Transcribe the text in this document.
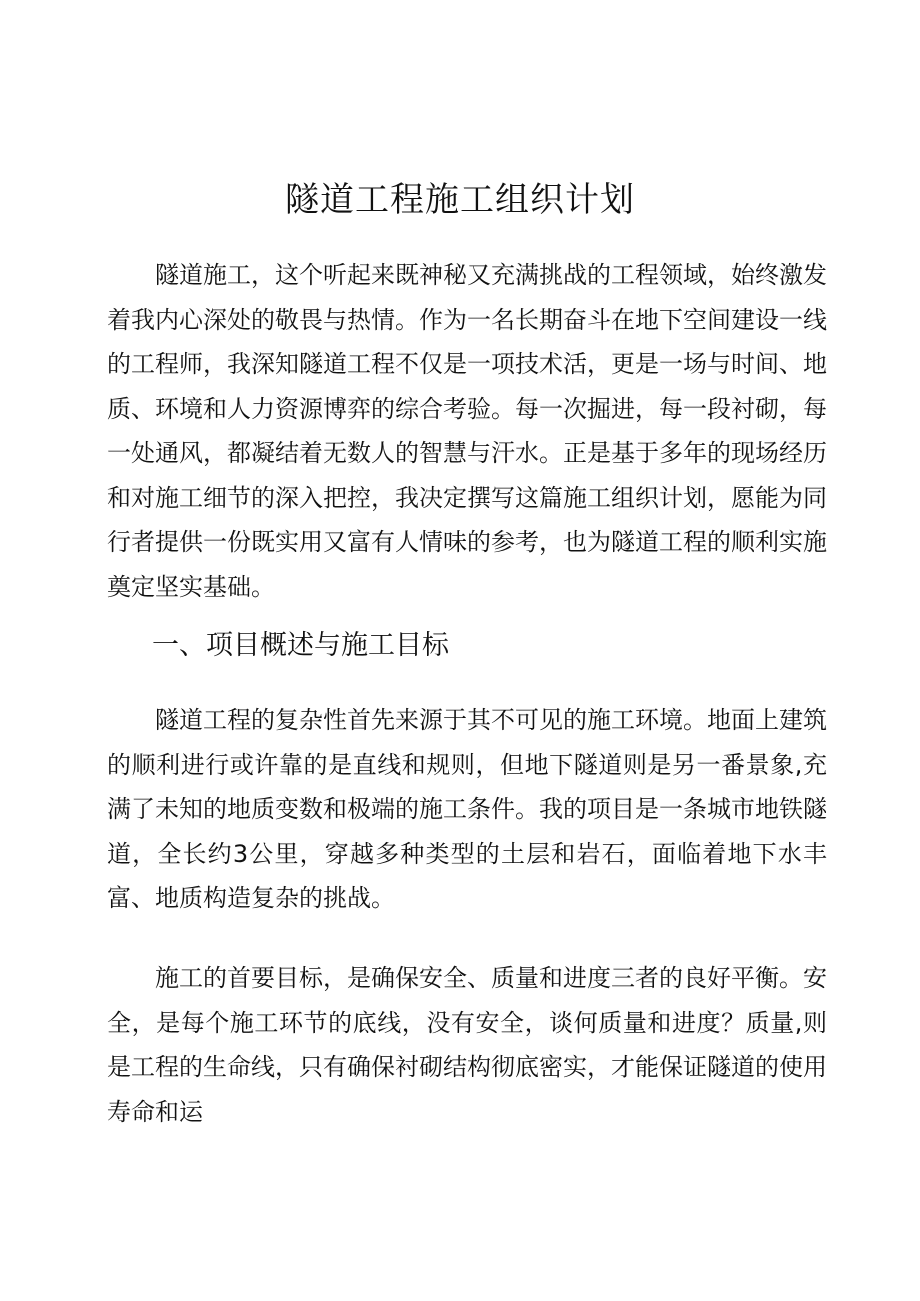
隧道工程施工组织计划

隧道施工，这个听起来既神秘又充满挑战的工程领域，始终激发着我内心深处的敬畏与热情。作为一名长期奋斗在地下空间建设一线的工程师，我深知隧道工程不仅是一项技术活，更是一场与时间、地质、环境和人力资源博弈的综合考验。每一次掘进，每一段衬砌，每一处通风，都凝结着无数人的智慧与汗水。正是基于多年的现场经历和对施工细节的深入把控，我决定撰写这篇施工组织计划，愿能为同行者提供一份既实用又富有人情味的参考，也为隧道工程的顺利实施奠定坚实基础。

一、项目概述与施工目标

隧道工程的复杂性首先来源于其不可见的施工环境。地面上建筑的顺利进行或许靠的是直线和规则，但地下隧道则是另一番景象,充满了未知的地质变数和极端的施工条件。我的项目是一条城市地铁隧道，全长约3公里，穿越多种类型的土层和岩石，面临着地下水丰富、地质构造复杂的挑战。

施工的首要目标，是确保安全、质量和进度三者的良好平衡。安全，是每个施工环节的底线，没有安全，谈何质量和进度？质量,则是工程的生命线，只有确保衬砌结构彻底密实，才能保证隧道的使用寿命和运
